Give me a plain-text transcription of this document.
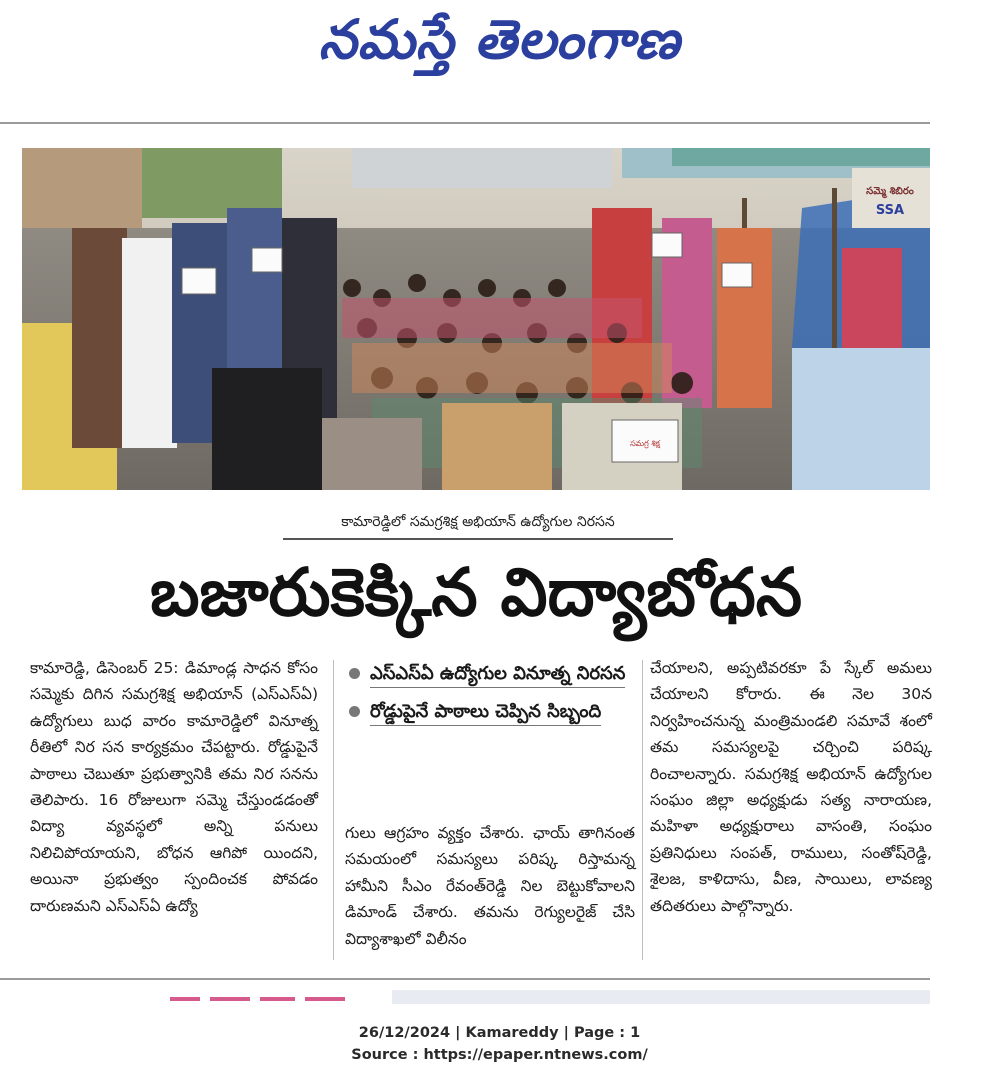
నమస్తే తెలంగాణ
సమగ్ర శిక్ష
సమ్మె శిబిరం
SSA
కామారెడ్డిలో సమగ్రశిక్ష అభియాన్ ఉద్యోగుల నిరసన
బజారుకెక్కిన విద్యాబోధన
కామారెడ్డి, డిసెంబర్ 25: డిమాండ్ల సాధన కోసం సమ్మెకు దిగిన సమగ్రశిక్ష అభియాన్ (ఎస్ఎస్ఏ) ఉద్యోగులు బుధ వారం కామారెడ్డిలో వినూత్న రీతిలో నిర సన కార్యక్రమం చేపట్టారు. రోడ్డుపైనే పాఠాలు చెబుతూ ప్రభుత్వానికి తమ నిర సనను తెలిపారు. 16 రోజులుగా సమ్మె చేస్తుండడంతో విద్యా వ్యవస్థలో అన్ని పనులు నిలిచిపోయాయని, బోధన ఆగిపో యిందని, అయినా ప్రభుత్వం స్పందించక పోవడం దారుణమని ఎస్ఎస్ఏ ఉద్యో
ఎస్ఎస్ఏ ఉద్యోగుల వినూత్న నిరసన
రోడ్డుపైనే పాఠాలు చెప్పిన సిబ్బంది
గులు ఆగ్రహం వ్యక్తం చేశారు. ఛాయ్ తాగినంత సమయంలో సమస్యలు పరిష్క రిస్తామన్న హామీని సీఎం రేవంత్‌రెడ్డి నిల బెట్టుకోవాలని డిమాండ్ చేశారు. తమను రెగ్యులరైజ్ చేసి విద్యాశాఖలో విలీనం
చేయాలని, అప్పటివరకూ పే స్కేల్ అమలు చేయాలని కోరారు. ఈ నెల 30న నిర్వహించనున్న మంత్రిమండలి సమావే శంలో తమ సమస్యలపై చర్చించి పరిష్క రించాలన్నారు. సమగ్రశిక్ష అభియాన్ ఉద్యోగుల సంఘం జిల్లా అధ్యక్షుడు సత్య నారాయణ, మహిళా అధ్యక్షురాలు వాసంతి, సంఘం ప్రతినిధులు సంపత్, రాములు, సంతోష్‌రెడ్డి, శైలజ, కాళిదాసు, వీణ, సాయిలు, లావణ్య తదితరులు పాల్గొన్నారు.
26/12/2024 | Kamareddy | Page : 1
Source : https://epaper.ntnews.com/
